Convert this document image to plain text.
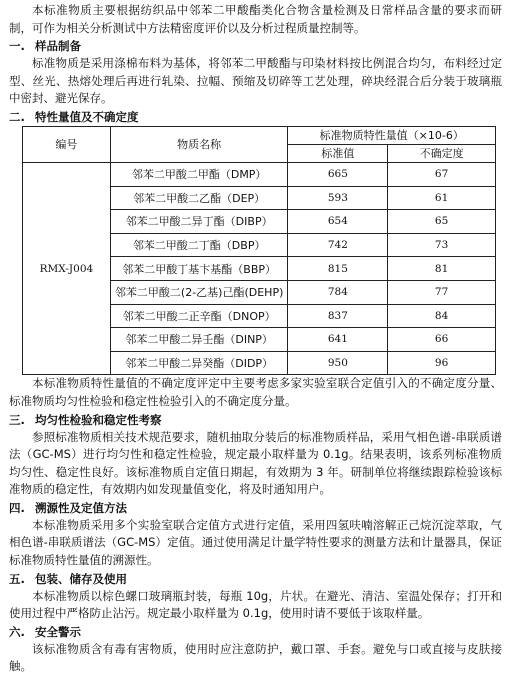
本标准物质主要根据纺织品中邻苯二甲酸酯类化合物含量检测及日常样品含量的要求而研制，可作为相关分析测试中方法精密度评价以及分析过程质量控制等。

一. 样品制备

标准物质是采用涤棉布料为基体，将邻苯二甲酸酯与印染材料按比例混合均匀，布料经过定型、丝光、热熔处理后再进行轧染、拉幅、预缩及切碎等工艺处理，碎块经混合后分装于玻璃瓶中密封、避光保存。

二. 特性量值及不确定度
编号	物质名称	标准物质特性量值（×10-6）	
		标准值	不确定度
RMX-J004	邻苯二甲酸二甲酯（DMP）	665	67
	邻苯二甲酸二乙酯（DEP）	593	61
	邻苯二甲酸二异丁酯（DIBP）	654	65
	邻苯二甲酸二丁酯（DBP）	742	73
	邻苯二甲酸丁基卞基酯（BBP）	815	81
	邻苯二甲酸二(2-乙基)己酯(DEHP)	784	77
	邻苯二甲酸二正辛酯（DNOP）	837	84
	邻苯二甲酸二异壬酯（DINP）	641	66
	邻苯二甲酸二异癸酯（DIDP）	950	96

本标准物质特性量值的不确定度评定中主要考虑多家实验室联合定值引入的不确定度分量、标准物质均匀性检验和稳定性检验引入的不确定度分量。

三. 均匀性检验和稳定性考察

参照标准物质相关技术规范要求，随机抽取分装后的标准物质样品，采用气相色谱-串联质谱法（GC-MS）进行均匀性和稳定性检验，规定最小取样量为 0.1g。结果表明，该系列标准物质均匀性、稳定性良好。该标准物质自定值日期起，有效期为 3 年。研制单位将继续跟踪检验该标准物质的稳定性，有效期内如发现量值变化，将及时通知用户。

四. 溯源性及定值方法

本标准物质采用多个实验室联合定值方式进行定值，采用四氢呋喃溶解正己烷沉淀萃取，气相色谱-串联质谱法（GC-MS）定值。通过使用满足计量学特性要求的测量方法和计量器具，保证标准物质特性量值的溯源性。

五. 包装、储存及使用

本标准物质以棕色螺口玻璃瓶封装，每瓶 10g，片状。在避光、清洁、室温处保存；打开和使用过程中严格防止沾污。规定最小取样量为 0.1g，使用时请不要低于该取样量。

六. 安全警示

该标准物质含有毒有害物质，使用时应注意防护，戴口罩、手套。避免与口或直接与皮肤接触。
